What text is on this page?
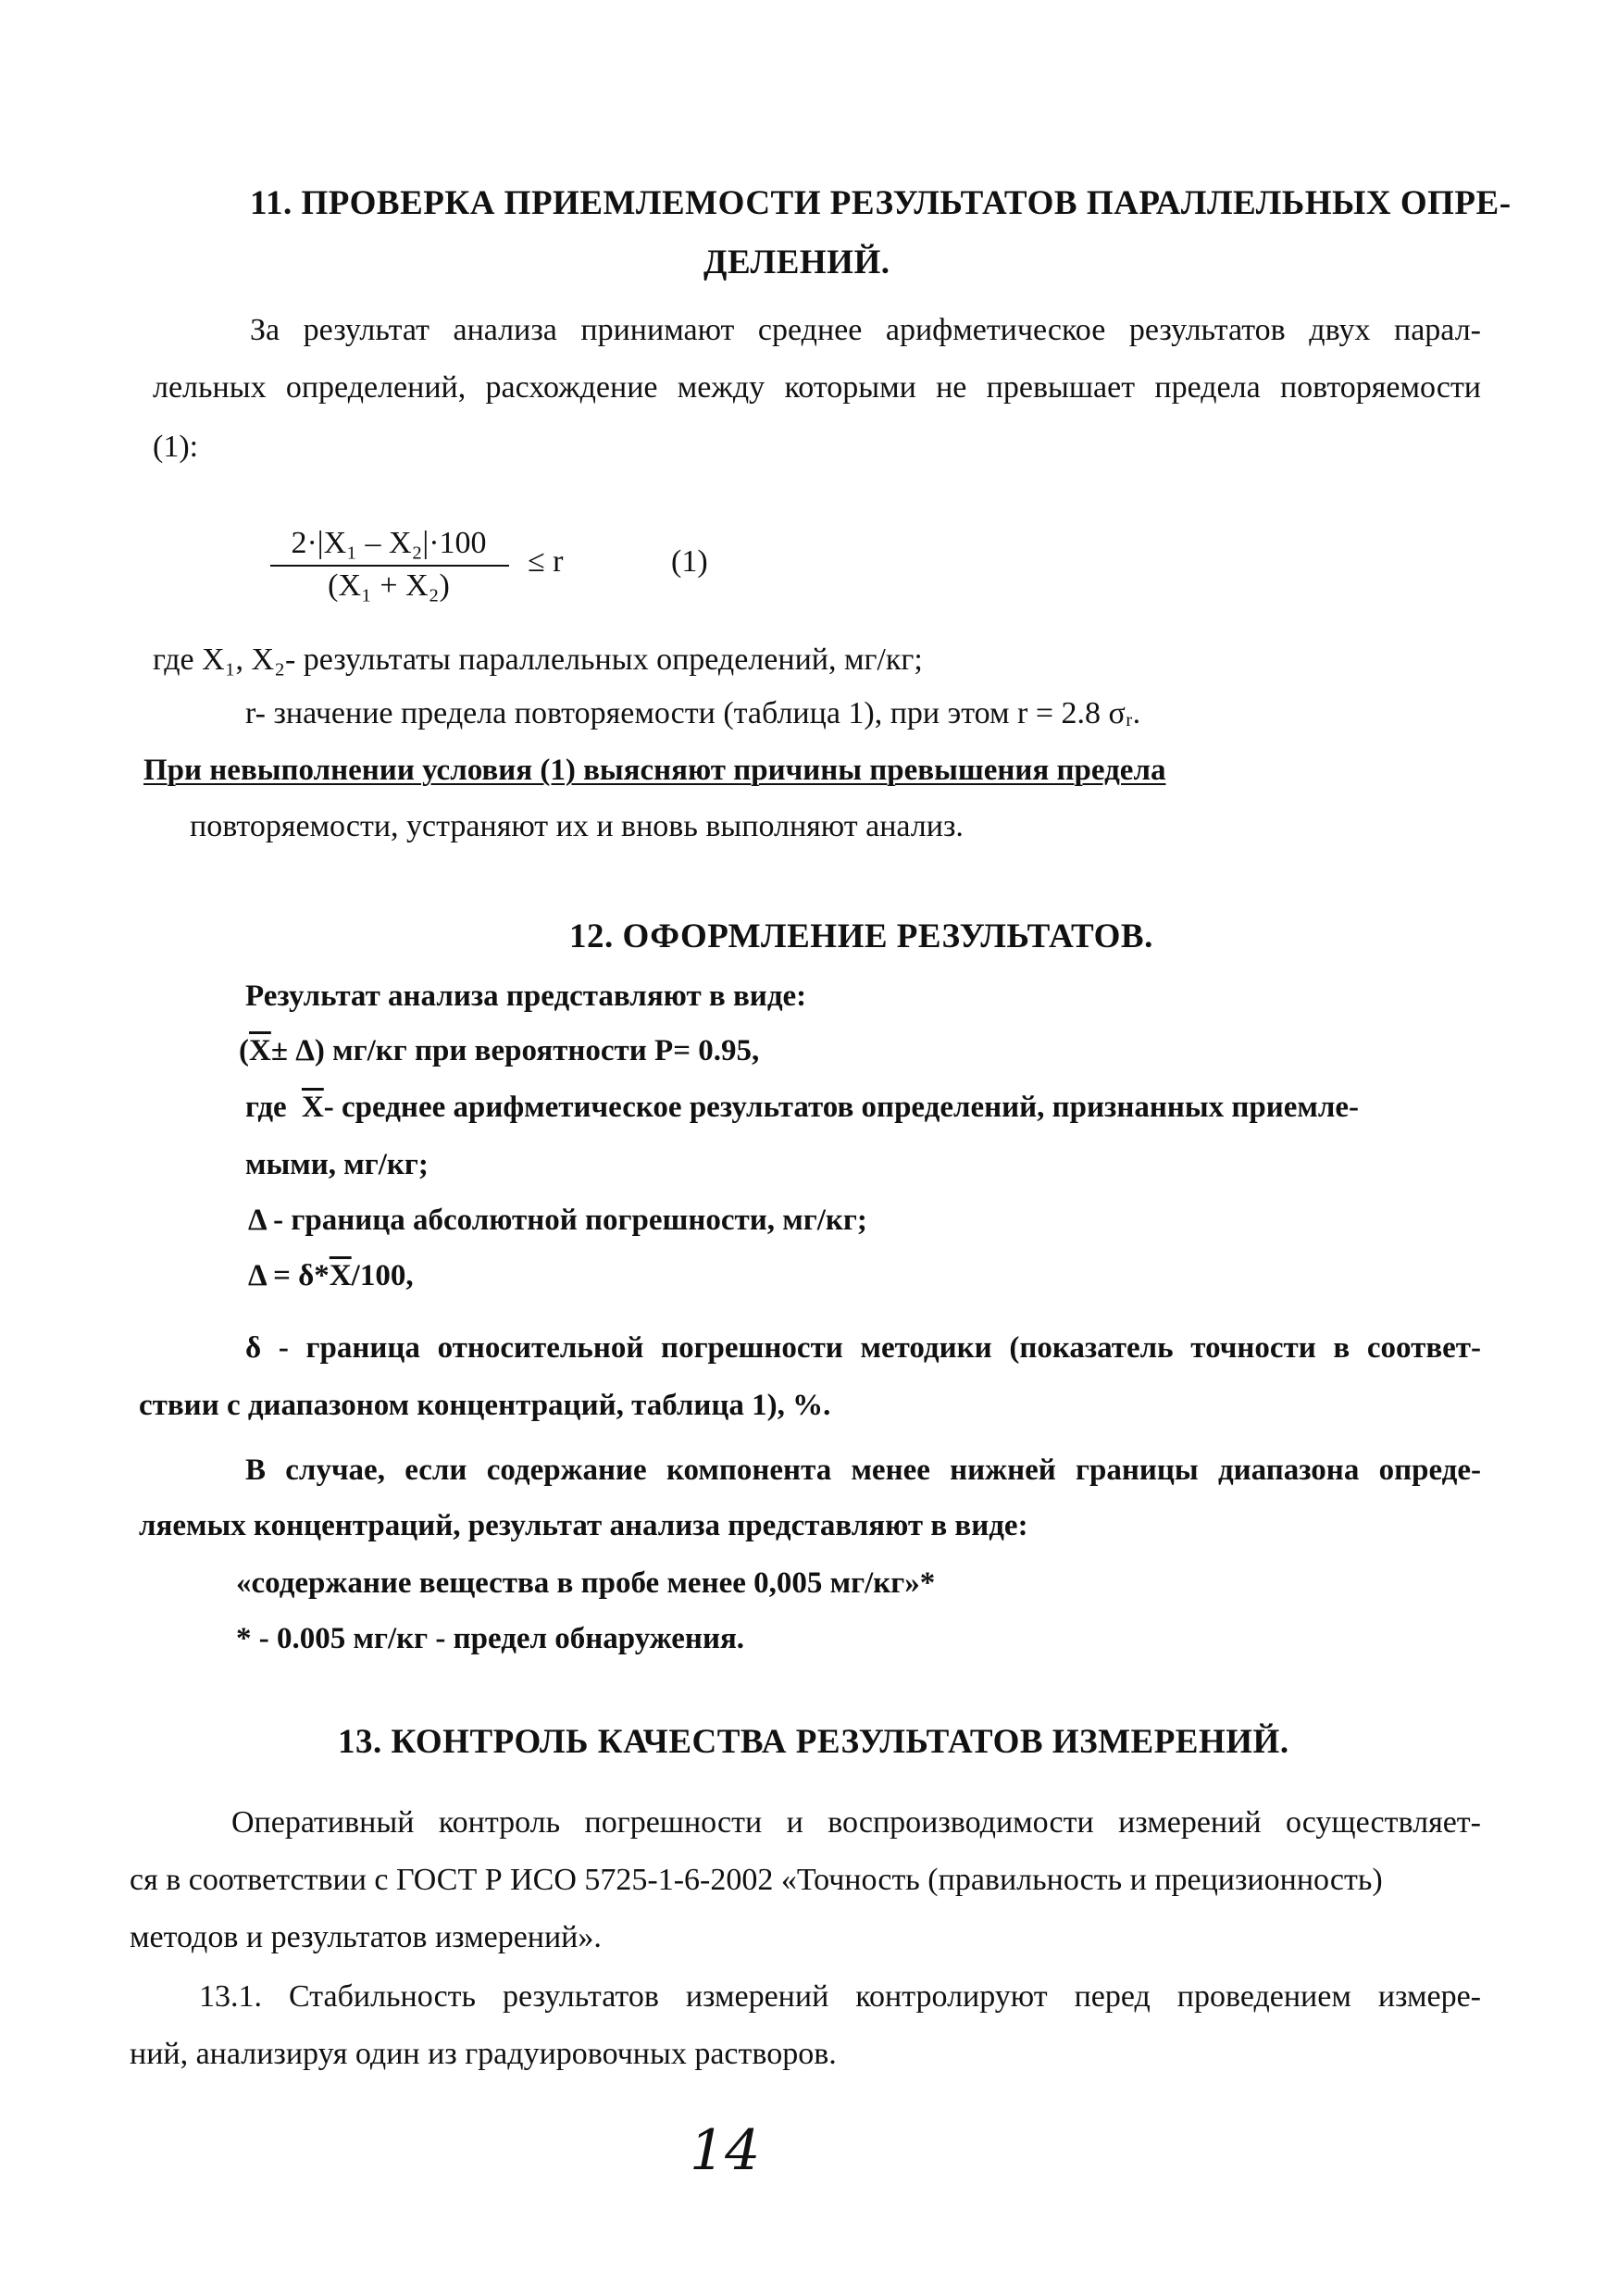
11. ПРОВЕРКА ПРИЕМЛЕМОСТИ РЕЗУЛЬТАТОВ ПАРАЛЛЕЛЬНЫХ ОПРЕ-
ДЕЛЕНИЙ.
За результат анализа принимают среднее арифметическое результатов двух парал-
лельных определений, расхождение между которыми не превышает предела повторяемости
(1):
2·|X₁ – X₂|·100
(X₁ + X₂)
≤ r	(1)
где X₁, X₂- результаты параллельных определений, мг/кг;
r- значение предела повторяемости (таблица 1), при этом r = 2.8 σᵣ.
При невыполнении условия (1) выясняют причины превышения предела
повторяемости, устраняют их и вновь выполняют анализ.
12. ОФОРМЛЕНИЕ РЕЗУЛЬТАТОВ.
Результат анализа представляют в виде:
$(\overline{X}\pm \Delta)$ мг/кг при вероятности Р= 0.95,
где $\overline{X}-$ среднее арифметическое результатов определений, признанных приемле-
мыми, мг/кг;
Δ - граница абсолютной погрешности, мг/кг;
$\Delta = \delta*\overline{X}/100$,
δ - граница относительной погрешности методики (показатель точности в соответ-
ствии с диапазоном концентраций, таблица 1), %.
В случае, если содержание компонента менее нижней границы диапазона опреде-
ляемых концентраций, результат анализа представляют в виде:
«содержание вещества в пробе менее 0,005 мг/кг»*
* - 0.005 мг/кг - предел обнаружения.
13. КОНТРОЛЬ КАЧЕСТВА РЕЗУЛЬТАТОВ ИЗМЕРЕНИЙ.
Оперативный контроль погрешности и воспроизводимости измерений осуществляет-
ся в соответствии с ГОСТ Р ИСО 5725-1-6-2002 «Точность (правильность и прецизионность)
методов и результатов измерений».
13.1. Стабильность результатов измерений контролируют перед проведением измере-
ний, анализируя один из градуировочных растворов.
14
